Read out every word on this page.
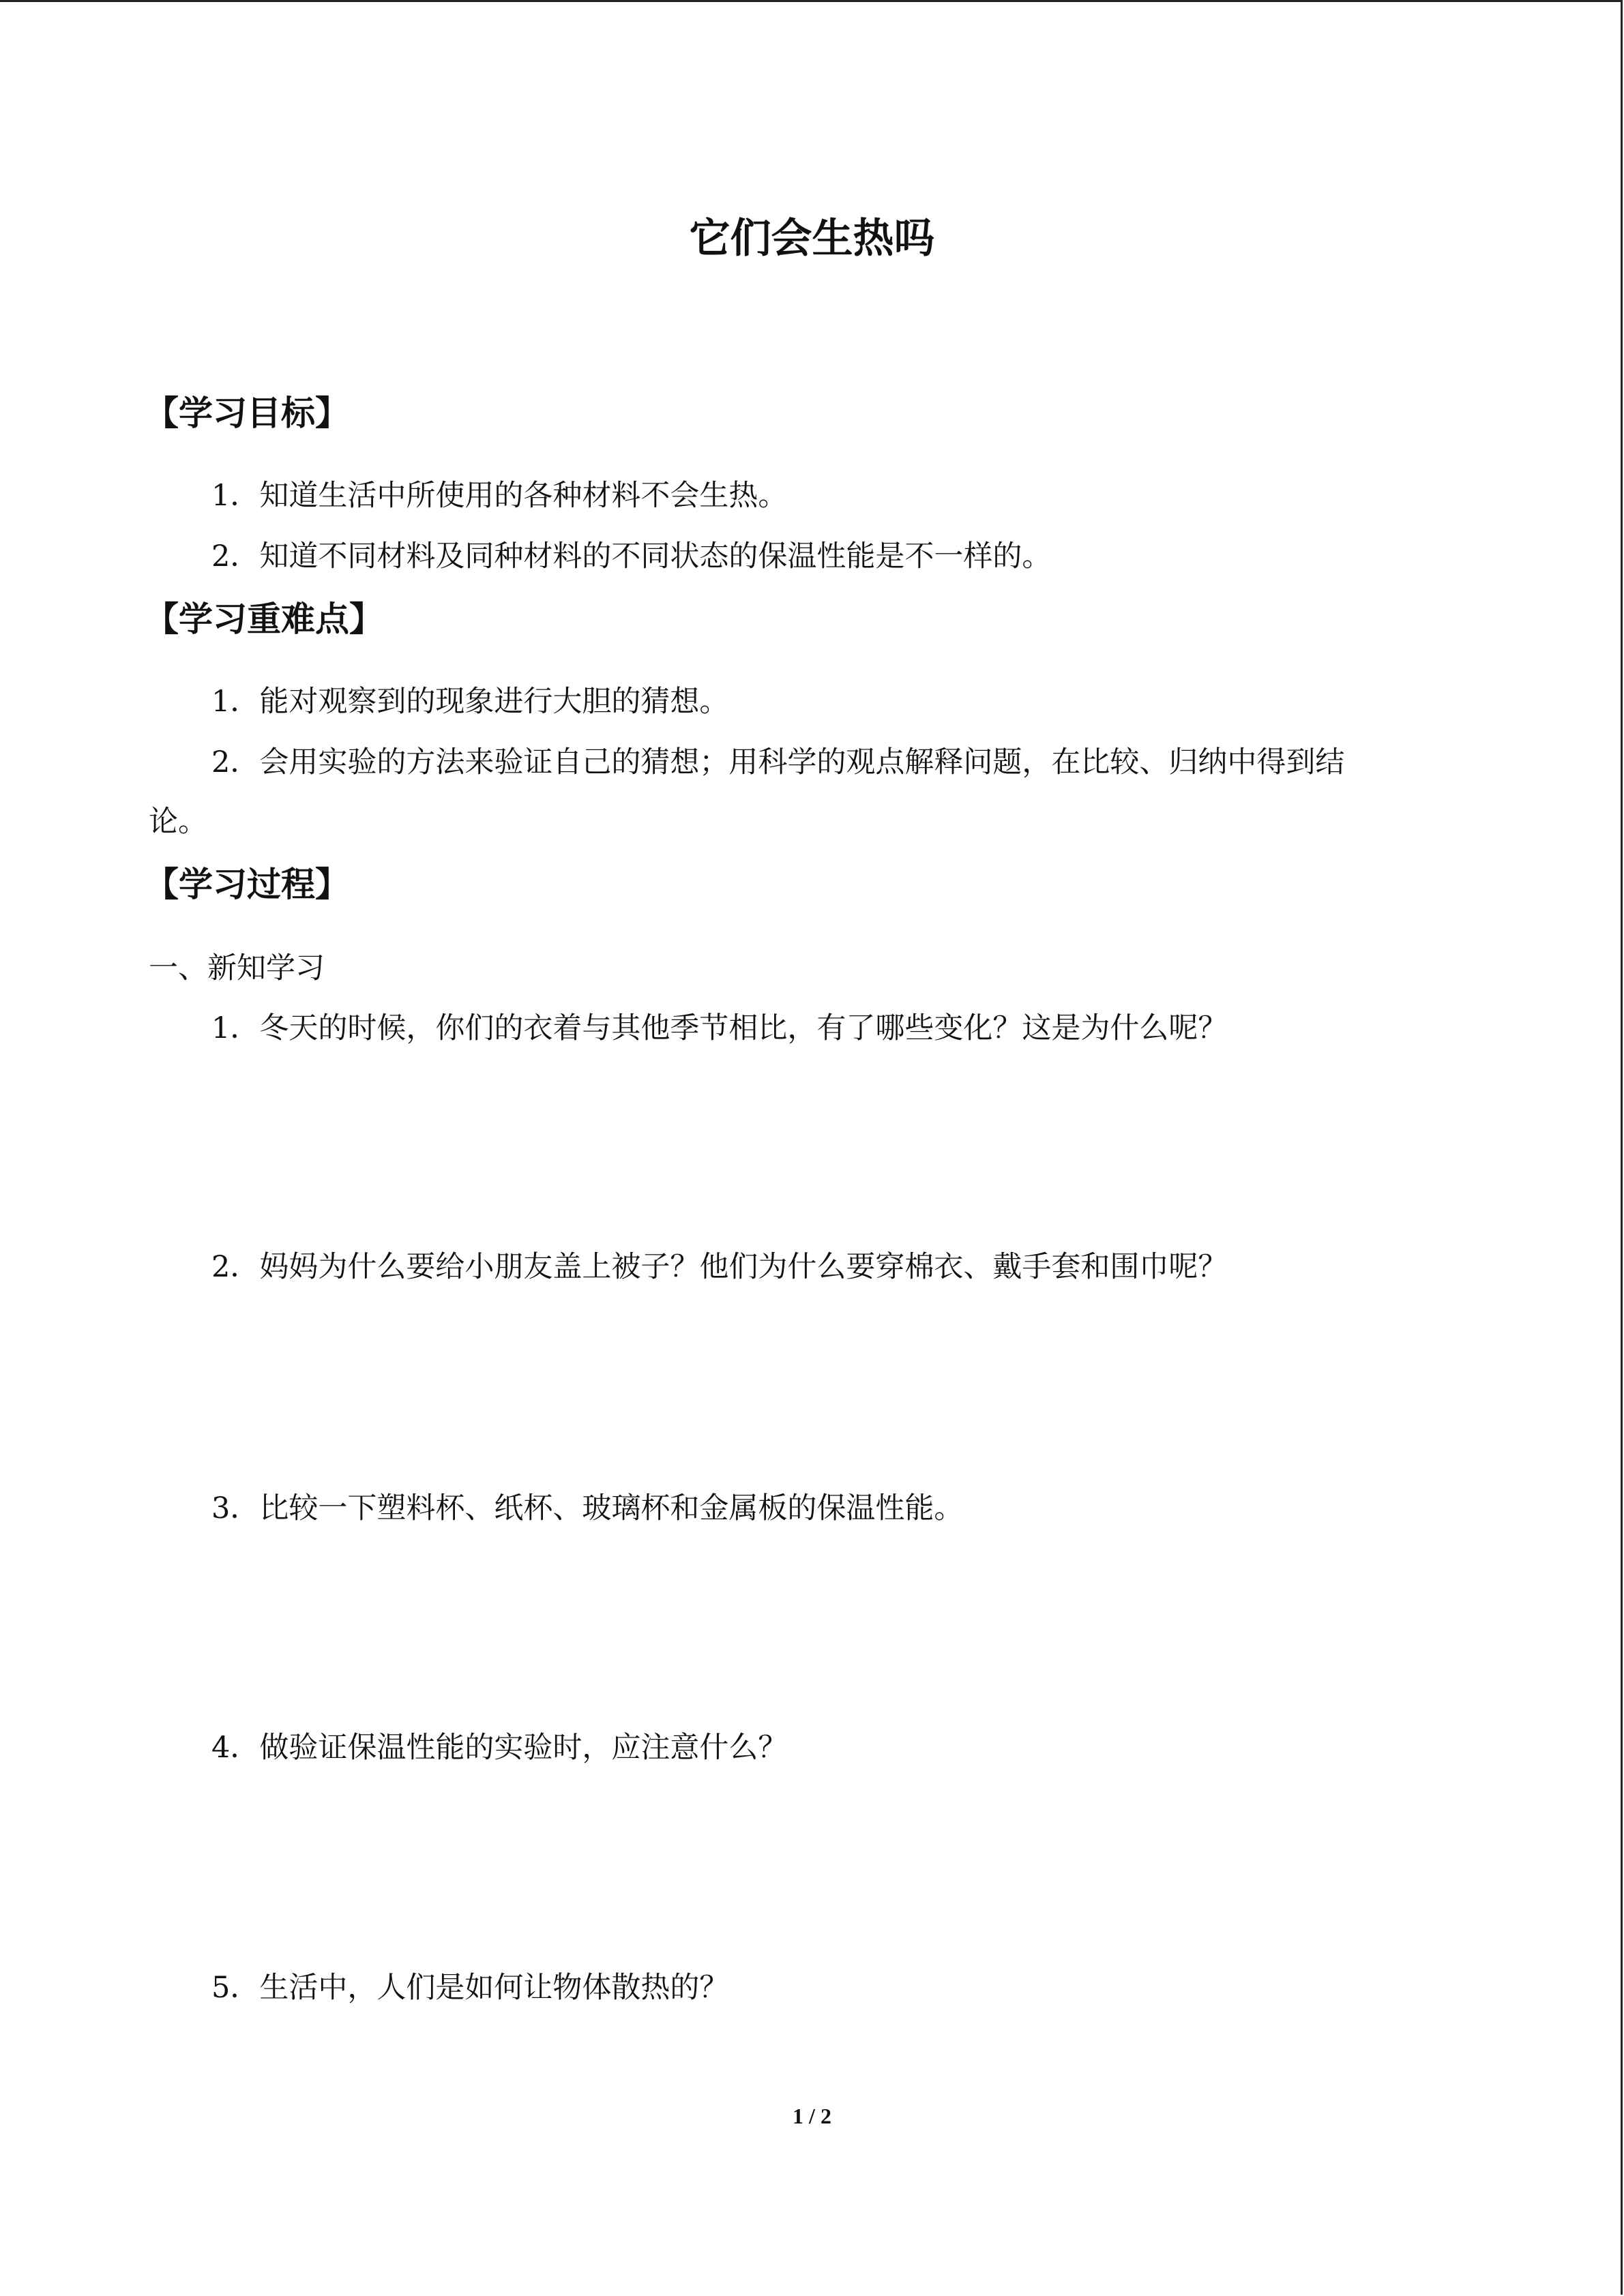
它们会生热吗
【学习目标】
1．知道生活中所使用的各种材料不会生热。
2．知道不同材料及同种材料的不同状态的保温性能是不一样的。
【学习重难点】
1．能对观察到的现象进行大胆的猜想。
2．会用实验的方法来验证自己的猜想；用科学的观点解释问题，在比较、归纳中得到结
论。
【学习过程】
一、新知学习
1．冬天的时候，你们的衣着与其他季节相比，有了哪些变化？这是为什么呢？
2．妈妈为什么要给小朋友盖上被子？他们为什么要穿棉衣、戴手套和围巾呢？
3．比较一下塑料杯、纸杯、玻璃杯和金属板的保温性能。
4．做验证保温性能的实验时，应注意什么？
5．生活中，人们是如何让物体散热的？
1 / 2
